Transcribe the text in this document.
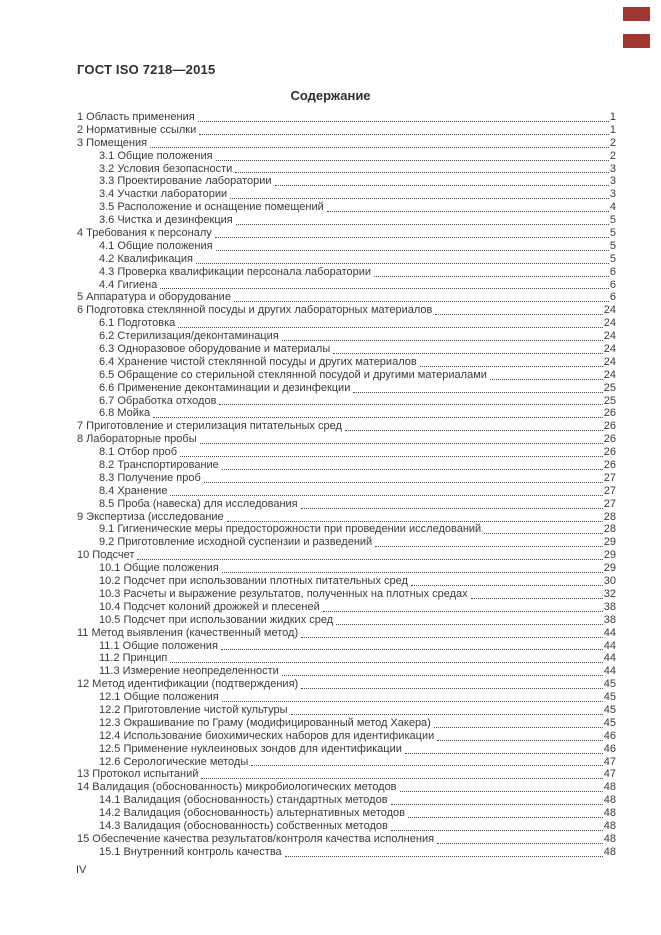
ГОСТ ISO 7218—2015
Содержание
1 Область применения	1
2 Нормативные ссылки	1
3 Помещения	2
3.1 Общие положения	2
3.2 Условия безопасности	3
3.3 Проектирование лаборатории	3
3.4 Участки лаборатории	3
3.5 Расположение и оснащение помещений	4
3.6 Чистка и дезинфекция	5
4 Требования к персоналу	5
4.1 Общие положения	5
4.2 Квалификация	5
4.3 Проверка квалификации персонала лаборатории	6
4.4 Гигиена	6
5 Аппаратура и оборудование	6
6 Подготовка стеклянной посуды и других лабораторных материалов	24
6.1 Подготовка	24
6.2 Стерилизация/деконтаминация	24
6.3 Одноразовое оборудование и материалы	24
6.4 Хранение чистой стеклянной посуды и других материалов	24
6.5 Обращение со стерильной стеклянной посудой и другими материалами	24
6.6 Применение деконтаминации и дезинфекции	25
6.7 Обработка отходов	25
6.8 Мойка	26
7 Приготовление и стерилизация питательных сред	26
8 Лабораторные пробы	26
8.1 Отбор проб	26
8.2 Транспортирование	26
8.3 Получение проб	27
8.4 Хранение	27
8.5 Проба (навеска) для исследования	27
9 Экспертиза (исследование	28
9.1 Гигиенические меры предосторожности при проведении исследований	28
9.2 Приготовление исходной суспензии и разведений	29
10 Подсчет	29
10.1 Общие положения	29
10.2 Подсчет при использовании плотных питательных сред	30
10.3 Расчеты и выражение результатов, полученных на плотных средах	32
10.4 Подсчет колоний дрожжей и плесеней	38
10.5 Подсчет при использовании жидких сред	38
11 Метод выявления (качественный метод)	44
11.1 Общие положения	44
11.2 Принцип	44
11.3 Измерение неопределенности	44
12 Метод идентификации (подтверждения)	45
12.1 Общие положения	45
12.2 Приготовление чистой культуры	45
12.3 Окрашивание по Граму (модифицированный метод Хакера)	45
12.4 Использование биохимических наборов для идентификации	46
12.5 Применение нуклеиновых зондов для идентификации	46
12.6 Серологические методы	47
13 Протокол испытаний	47
14 Валидация (обоснованность) микробиологических методов	48
14.1 Валидация (обоснованность) стандартных методов	48
14.2 Валидация (обоснованность) альтернативных методов	48
14.3 Валидация (обоснованность) собственных методов	48
15 Обеспечение качества результатов/контроля качества исполнения	48
15.1 Внутренний контроль качества	48
IV
